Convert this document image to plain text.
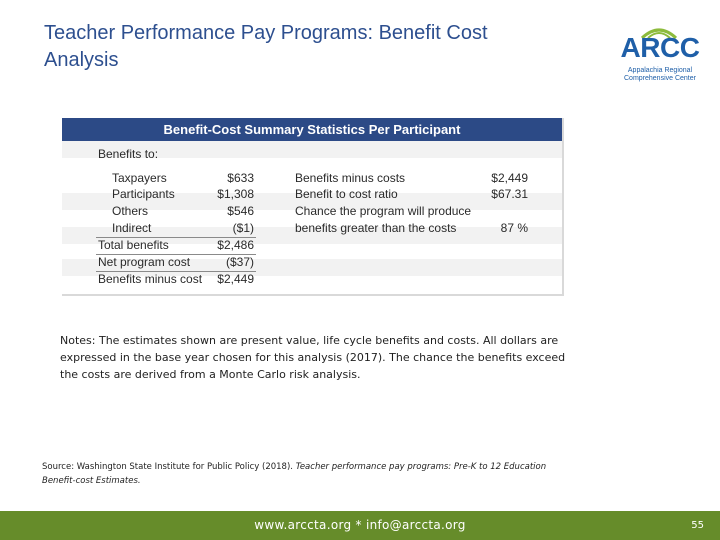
Teacher Performance Pay Programs: Benefit Cost
Analysis	ARCC
Appalachia Regional
Comprehensive Center
Benefit-Cost Summary Statistics Per Participant
Benefits to:
Taxpayers	$633
Participants	$1,308
Others	$546
Indirect	($1)
Total benefits	$2,486
Net program cost	($37)
Benefits minus cost	$2,449
Benefits minus costs	$2,449
Benefit to cost ratio	$67.31
Chance the program will produce
benefits greater than the costs	87 %
Notes: The estimates shown are present value, life cycle benefits and costs. All dollars are
expressed in the base year chosen for this analysis (2017). The chance the benefits exceed
the costs are derived from a Monte Carlo risk analysis.
Source: Washington State Institute for Public Policy (2018). Teacher performance pay programs: Pre-K to 12 Education
Benefit-cost Estimates.
www.arccta.org * info@arccta.org	55
